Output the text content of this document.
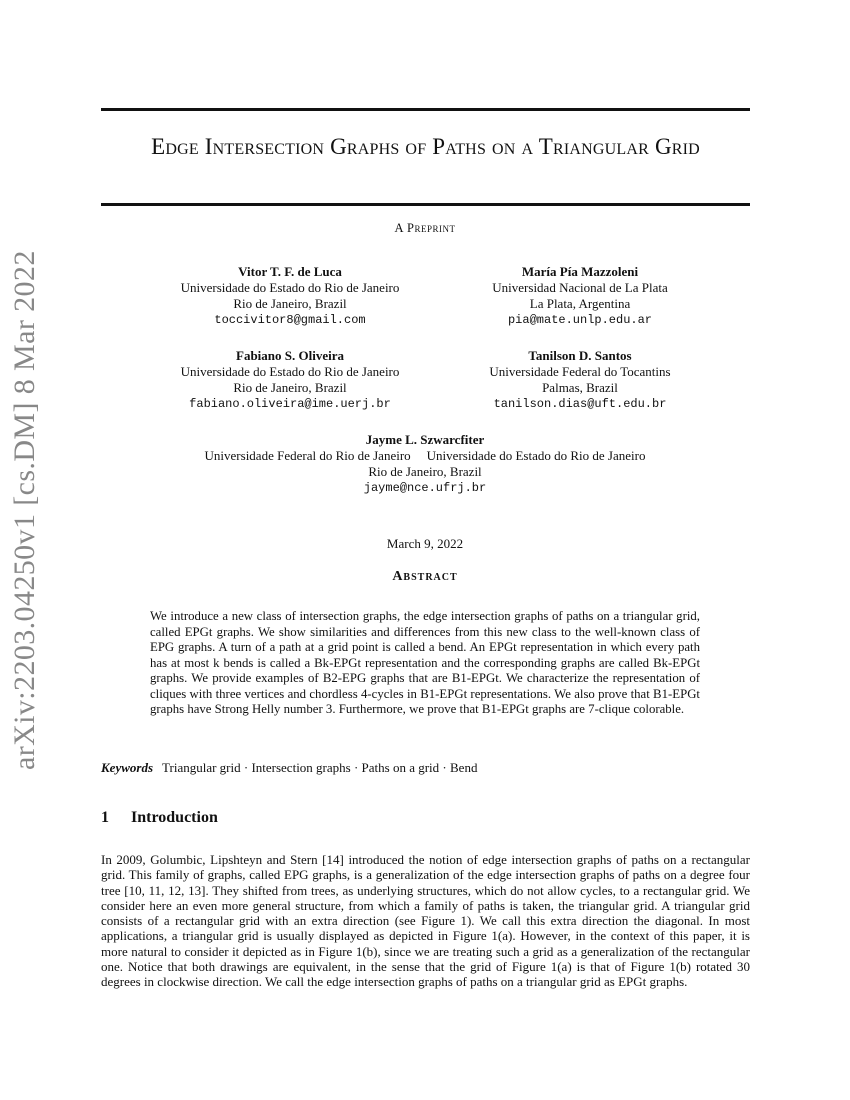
arXiv:2203.04250v1 [cs.DM] 8 Mar 2022
Edge Intersection Graphs of Paths on a Triangular Grid
A Preprint
Vitor T. F. de Luca
Universidade do Estado do Rio de Janeiro
Rio de Janeiro, Brazil
toccivitor8@gmail.com
María Pía Mazzoleni
Universidad Nacional de La Plata
La Plata, Argentina
pia@mate.unlp.edu.ar
Fabiano S. Oliveira
Universidade do Estado do Rio de Janeiro
Rio de Janeiro, Brazil
fabiano.oliveira@ime.uerj.br
Tanilson D. Santos
Universidade Federal do Tocantins
Palmas, Brazil
tanilson.dias@uft.edu.br
Jayme L. Szwarcfiter
Universidade Federal do Rio de Janeiro Universidade do Estado do Rio de Janeiro
Rio de Janeiro, Brazil
jayme@nce.ufrj.br
March 9, 2022
Abstract
We introduce a new class of intersection graphs, the edge intersection graphs of paths on a triangular grid, called EPGt graphs. We show similarities and differences from this new class to the well-known class of EPG graphs. A turn of a path at a grid point is called a bend. An EPGt representation in which every path has at most k bends is called a Bk-EPGt representation and the corresponding graphs are called Bk-EPGt graphs. We provide examples of B2-EPG graphs that are B1-EPGt. We characterize the representation of cliques with three vertices and chordless 4-cycles in B1-EPGt representations. We also prove that B1-EPGt graphs have Strong Helly number 3. Furthermore, we prove that B1-EPGt graphs are 7-clique colorable.
Keywords Triangular grid · Intersection graphs · Paths on a grid · Bend
1 Introduction
In 2009, Golumbic, Lipshteyn and Stern [14] introduced the notion of edge intersection graphs of paths on a rectangular grid. This family of graphs, called EPG graphs, is a generalization of the edge intersection graphs of paths on a degree four tree [10, 11, 12, 13]. They shifted from trees, as underlying structures, which do not allow cycles, to a rectangular grid. We consider here an even more general structure, from which a family of paths is taken, the triangular grid. A triangular grid consists of a rectangular grid with an extra direction (see Figure 1). We call this extra direction the diagonal. In most applications, a triangular grid is usually displayed as depicted in Figure 1(a). However, in the context of this paper, it is more natural to consider it depicted as in Figure 1(b), since we are treating such a grid as a generalization of the rectangular one. Notice that both drawings are equivalent, in the sense that the grid of Figure 1(a) is that of Figure 1(b) rotated 30 degrees in clockwise direction. We call the edge intersection graphs of paths on a triangular grid as EPGt graphs.
